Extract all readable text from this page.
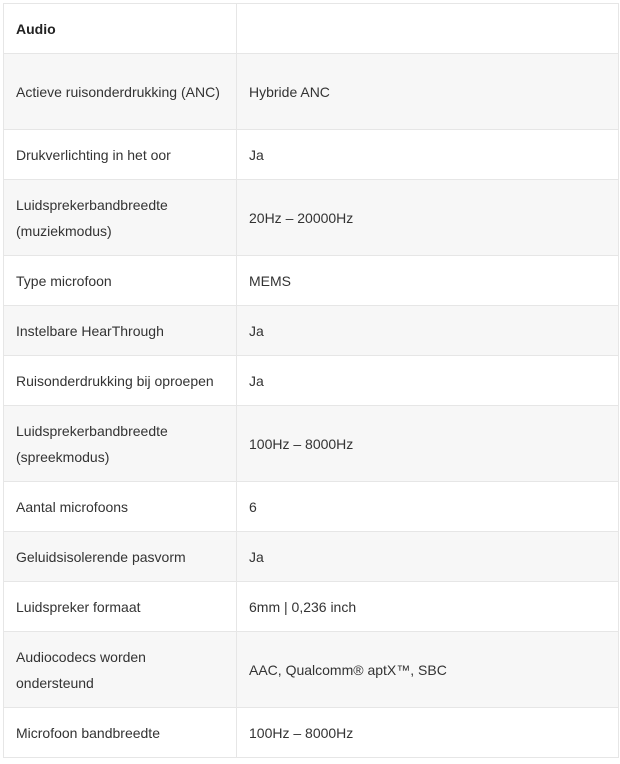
Audio	
Actieve ruisonderdrukking (ANC)	Hybride ANC
Drukverlichting in het oor	Ja
Luidsprekerbandbreedte (muziekmodus)	20Hz – 20000Hz
Type microfoon	MEMS
Instelbare HearThrough	Ja
Ruisonderdrukking bij oproepen	Ja
Luidsprekerbandbreedte (spreekmodus)	100Hz – 8000Hz
Aantal microfoons	6
Geluidsisolerende pasvorm	Ja
Luidspreker formaat	6mm | 0,236 inch
Audiocodecs worden ondersteund	AAC, Qualcomm® aptX™, SBC
Microfoon bandbreedte	100Hz – 8000Hz
